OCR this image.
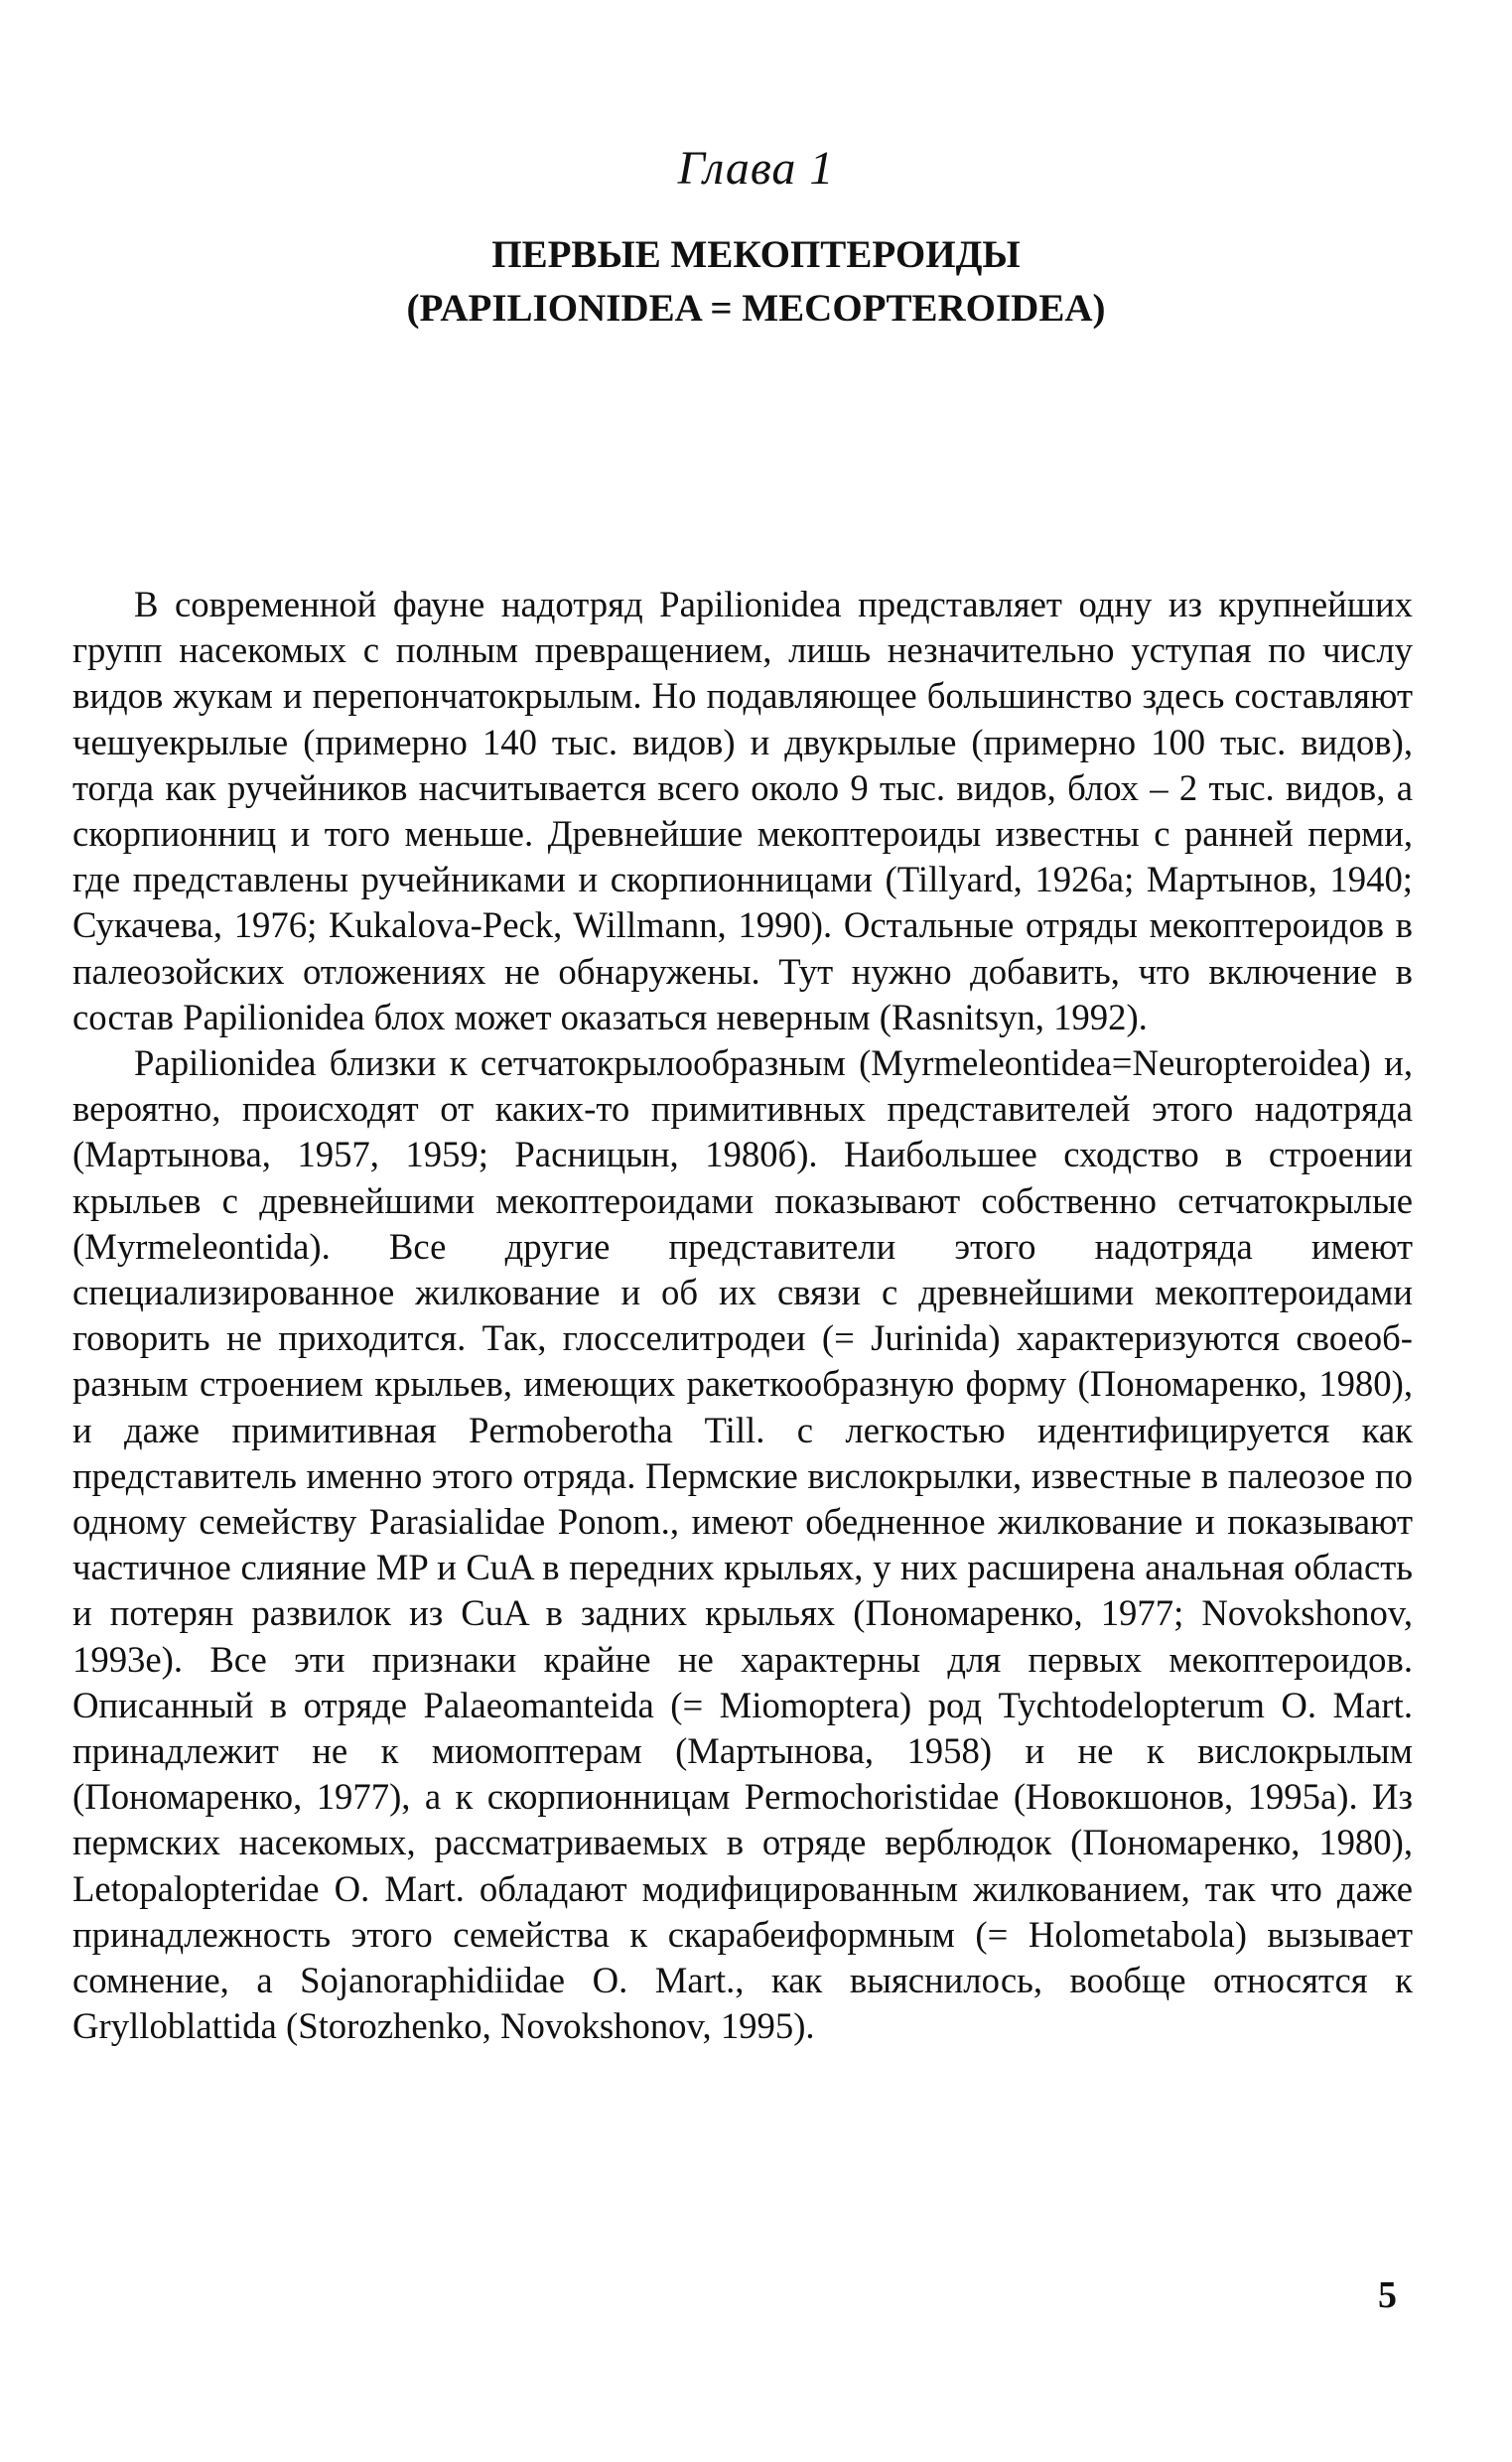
Глава 1
ПЕРВЫЕ МЕКОПТЕРОИДЫ
(PAPILIONIDEA = MECOPTEROIDEA)

В современной фауне надотряд Papilionidea представляет одну из крупнейших групп насекомых с полным превращением, лишь незначительно уступая по числу видов жукам и перепончатокрылым. Но подавляющее большинство здесь составляют чешуекрылые (примерно 140 тыс. видов) и двукрылые (примерно 100 тыс. видов), тогда как ручейников насчитывается всего около 9 тыс. видов, блох – 2 тыс. видов, а скорпионниц и того меньше. Древнейшие мекоптероиды известны с ранней перми, где представлены ручейниками и скорпионницами (Tillyard, 1926а; Мартынов, 1940; Сукачева, 1976; Kukalova-Peck, Willmann, 1990). Остальные отряды мекоптероидов в палеозойских отложениях не обнаружены. Тут нужно добавить, что включение в состав Papilionidea блох может оказаться неверным (Rasnitsyn, 1992).

Papilionidea близки к сетчатокрылообразным (Myrmeleontidea=Neuropteroidea) и, вероятно, происходят от каких-то примитивных представителей этого надотряда (Мартынова, 1957, 1959; Расницын, 1980б). Наибольшее сходство в строении крыльев с древнейшими мекоптероидами показывают собственно сетчатокрылые (Myrmeleontida). Все другие представители этого надотряда имеют специализированное жилкование и об их связи с древнейшими мекоптероидами говорить не приходится. Так, глосселитродеи (= Jurinida) характеризуются своеобразным строением крыльев, имеющих ракеткообразную форму (Пономаренко, 1980), и даже примитивная Permoberotha Till. с легкостью идентифицируется как представитель именно этого отряда. Пермские вислокрылки, известные в палеозое по одному семейству Parasialidae Ponom., имеют обедненное жилкование и показывают частичное слияние MP и CuA в передних крыльях, у них расширена анальная область и потерян развилок из CuA в задних крыльях (Пономаренко, 1977; Novokshonov, 1993е). Все эти признаки крайне не характерны для первых мекоптероидов. Описанный в отряде Palaeomanteida (= Miomoptera) род Tychtodelopterum O. Mart. принадлежит не к миомоптерам (Мартынова, 1958) и не к вислокрылым (Пономаренко, 1977), а к скорпионницам Permochoristidae (Новокшонов, 1995а). Из пермских насекомых, рассматриваемых в отряде верблюдок (Пономаренко, 1980), Letopalopteridae O. Mart. обладают модифицированным жилкованием, так что даже принадлежность этого семейства к скарабеиформным (= Holometabola) вызывает сомнение, а Sojanoraphidiidae O. Mart., как выяснилось, вообще относятся к Grylloblattida (Storozhenko, Novokshonov, 1995).

5
